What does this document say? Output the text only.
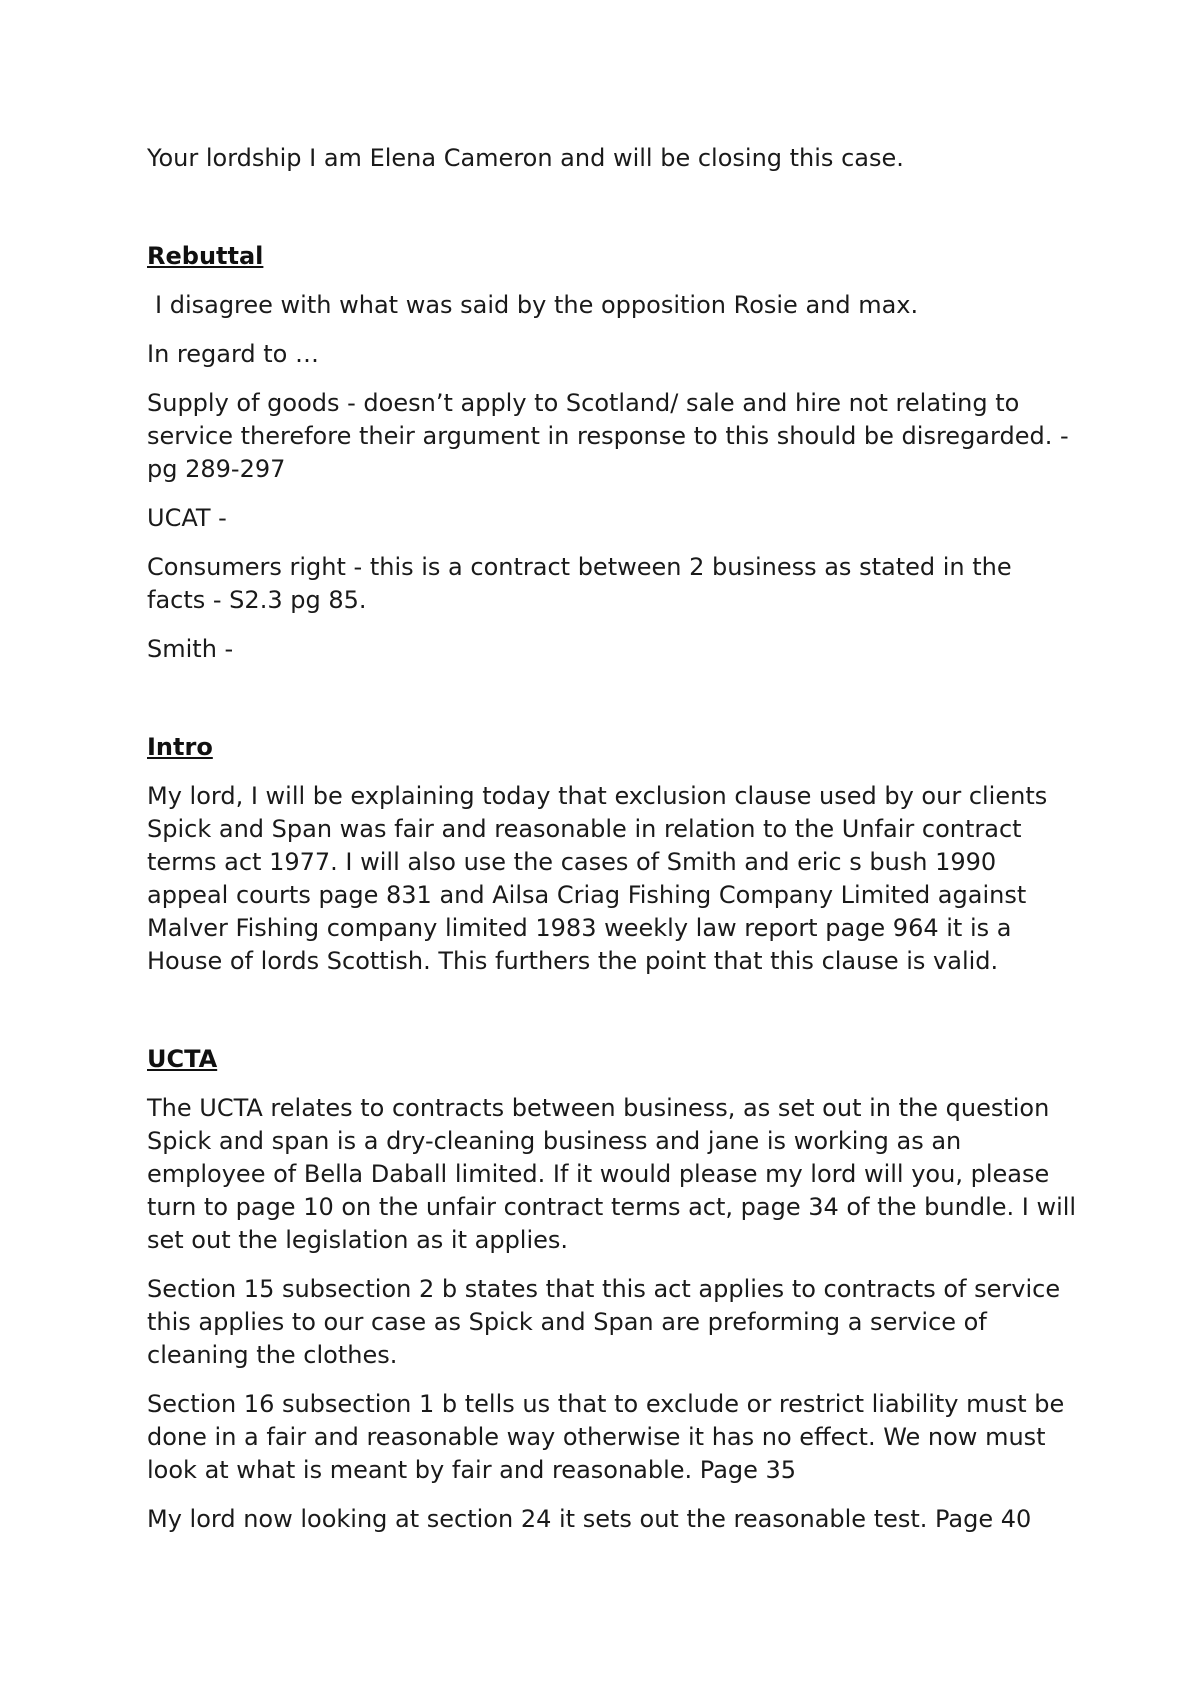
Your lordship I am Elena Cameron and will be closing this case.

Rebuttal

I disagree with what was said by the opposition Rosie and max.

In regard to …

Supply of goods - doesn’t apply to Scotland/ sale and hire not relating to service therefore their argument in response to this should be disregarded. - pg 289-297

UCAT -

Consumers right - this is a contract between 2 business as stated in the facts - S2.3 pg 85.

Smith -

Intro

My lord, I will be explaining today that exclusion clause used by our clients Spick and Span was fair and reasonable in relation to the Unfair contract terms act 1977. I will also use the cases of Smith and eric s bush 1990 appeal courts page 831 and Ailsa Criag Fishing Company Limited against Malver Fishing company limited 1983 weekly law report page 964 it is a House of lords Scottish. This furthers the point that this clause is valid.

UCTA

The UCTA relates to contracts between business, as set out in the question Spick and span is a dry-cleaning business and jane is working as an employee of Bella Daball limited. If it would please my lord will you, please turn to page 10 on the unfair contract terms act, page 34 of the bundle. I will set out the legislation as it applies.

Section 15 subsection 2 b states that this act applies to contracts of service this applies to our case as Spick and Span are preforming a service of cleaning the clothes.

Section 16 subsection 1 b tells us that to exclude or restrict liability must be done in a fair and reasonable way otherwise it has no effect. We now must look at what is meant by fair and reasonable. Page 35

My lord now looking at section 24 it sets out the reasonable test. Page 40
